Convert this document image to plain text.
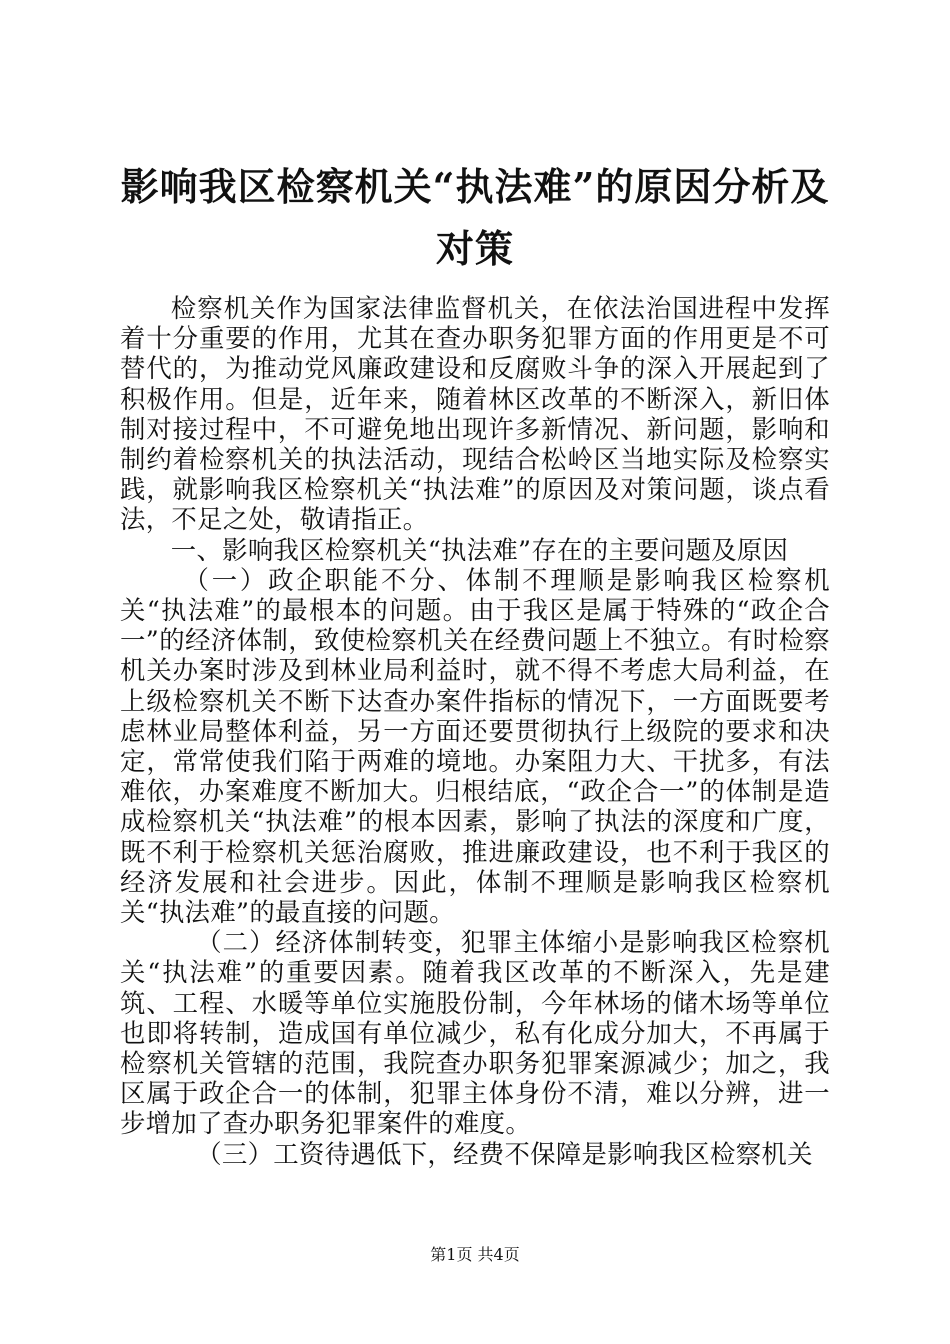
影响我区检察机关“执法难”的原因分析及对策

检察机关作为国家法律监督机关，在依法治国进程中发挥着十分重要的作用，尤其在查办职务犯罪方面的作用更是不可替代的，为推动党风廉政建设和反腐败斗争的深入开展起到了积极作用。但是，近年来，随着林区改革的不断深入，新旧体制对接过程中，不可避免地出现许多新情况、新问题，影响和制约着检察机关的执法活动，现结合松岭区当地实际及检察实践，就影响我区检察机关“执法难”的原因及对策问题，谈点看法，不足之处，敬请指正。

一、影响我区检察机关“执法难”存在的主要问题及原因

（一）政企职能不分、体制不理顺是影响我区检察机关“执法难”的最根本的问题。由于我区是属于特殊的“政企合一”的经济体制，致使检察机关在经费问题上不独立。有时检察机关办案时涉及到林业局利益时，就不得不考虑大局利益，在上级检察机关不断下达查办案件指标的情况下，一方面既要考虑林业局整体利益，另一方面还要贯彻执行上级院的要求和决定，常常使我们陷于两难的境地。办案阻力大、干扰多，有法难依，办案难度不断加大。归根结底，“政企合一”的体制是造成检察机关“执法难”的根本因素，影响了执法的深度和广度，既不利于检察机关惩治腐败，推进廉政建设，也不利于我区的经济发展和社会进步。因此，体制不理顺是影响我区检察机关“执法难”的最直接的问题。

（二）经济体制转变，犯罪主体缩小是影响我区检察机关“执法难”的重要因素。随着我区改革的不断深入，先是建筑、工程、水暖等单位实施股份制，今年林场的储木场等单位也即将转制，造成国有单位减少，私有化成分加大，不再属于检察机关管辖的范围，我院查办职务犯罪案源减少；加之，我区属于政企合一的体制，犯罪主体身份不清，难以分辨，进一步增加了查办职务犯罪案件的难度。

（三）工资待遇低下，经费不保障是影响我区检察机关

第1页 共4页
